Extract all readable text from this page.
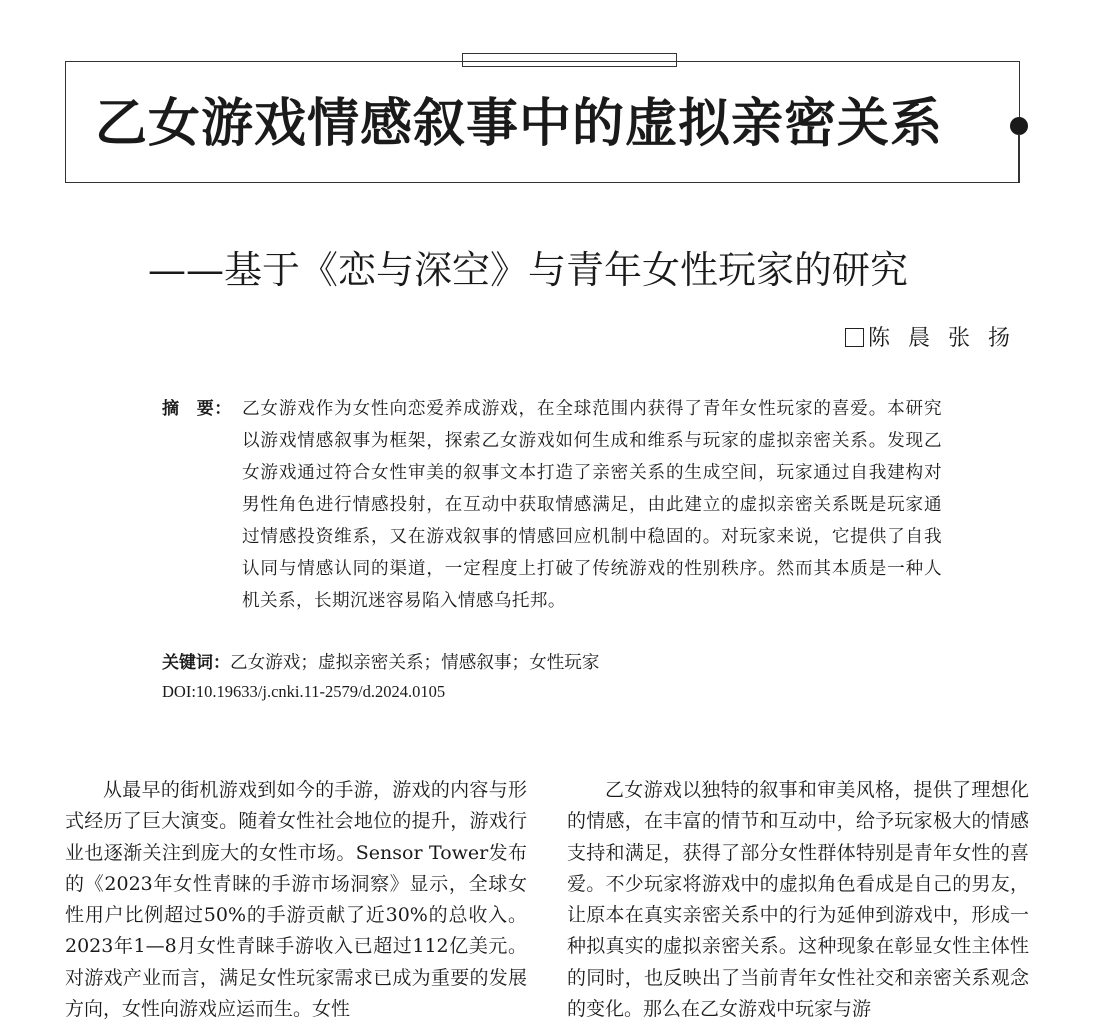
乙女游戏情感叙事中的虚拟亲密关系
——基于《恋与深空》与青年女性玩家的研究
陈晨张扬
摘　要： 乙女游戏作为女性向恋爱养成游戏，在全球范围内获得了青年女性玩家的喜爱。本研究以游戏情感叙事为框架，探索乙女游戏如何生成和维系与玩家的虚拟亲密关系。发现乙女游戏通过符合女性审美的叙事文本打造了亲密关系的生成空间，玩家通过自我建构对男性角色进行情感投射，在互动中获取情感满足，由此建立的虚拟亲密关系既是玩家通过情感投资维系，又在游戏叙事的情感回应机制中稳固的。对玩家来说，它提供了自我认同与情感认同的渠道，一定程度上打破了传统游戏的性别秩序。然而其本质是一种人机关系，长期沉迷容易陷入情感乌托邦。
关键词：乙女游戏；虚拟亲密关系；情感叙事；女性玩家
DOI:10.19633/j.cnki.11-2579/d.2024.0105

从最早的街机游戏到如今的手游，游戏的内容与形式经历了巨大演变。随着女性社会地位的提升，游戏行业也逐渐关注到庞大的女性市场。Sensor Tower发布的《2023年女性青睐的手游市场洞察》显示，全球女性用户比例超过50%的手游贡献了近30%的总收入。2023年1—8月女性青睐手游收入已超过112亿美元。对游戏产业而言，满足女性玩家需求已成为重要的发展方向，女性向游戏应运而生。女性

乙女游戏以独特的叙事和审美风格，提供了理想化的情感，在丰富的情节和互动中，给予玩家极大的情感支持和满足，获得了部分女性群体特别是青年女性的喜爱。不少玩家将游戏中的虚拟角色看成是自己的男友，让原本在真实亲密关系中的行为延伸到游戏中，形成一种拟真实的虚拟亲密关系。这种现象在彰显女性主体性的同时，也反映出了当前青年女性社交和亲密关系观念的变化。那么在乙女游戏中玩家与游
